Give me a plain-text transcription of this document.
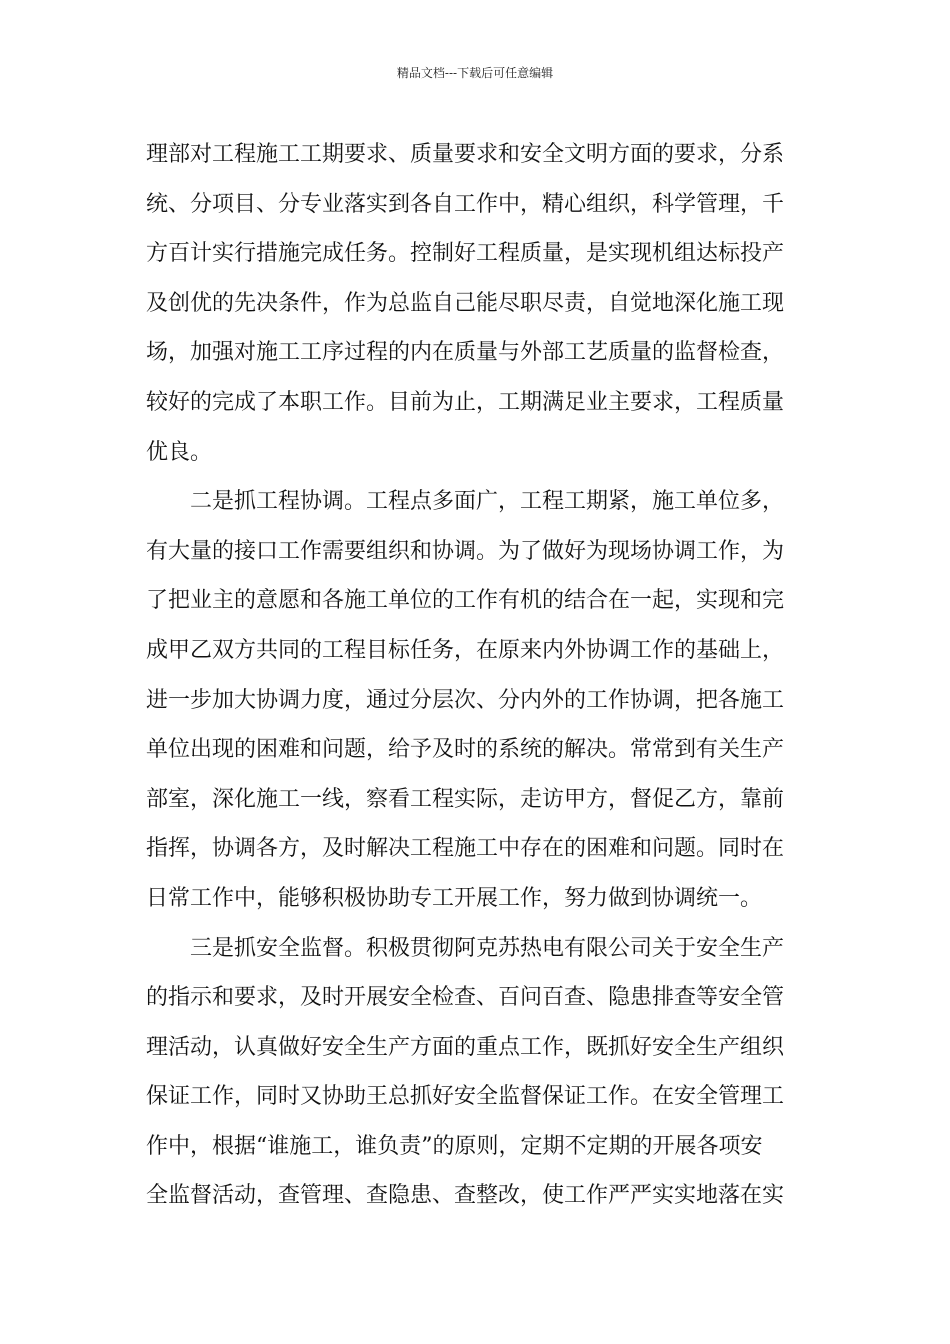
精品文档---下载后可任意编辑
理部对工程施工工期要求、质量要求和安全文明方面的要求，分系
统、分项目、分专业落实到各自工作中，精心组织，科学管理，千
方百计实行措施完成任务。控制好工程质量，是实现机组达标投产
及创优的先决条件，作为总监自己能尽职尽责，自觉地深化施工现
场，加强对施工工序过程的内在质量与外部工艺质量的监督检查，
较好的完成了本职工作。目前为止，工期满足业主要求，工程质量
优良。
二是抓工程协调。工程点多面广，工程工期紧，施工单位多，
有大量的接口工作需要组织和协调。为了做好为现场协调工作，为
了把业主的意愿和各施工单位的工作有机的结合在一起，实现和完
成甲乙双方共同的工程目标任务，在原来内外协调工作的基础上，
进一步加大协调力度，通过分层次、分内外的工作协调，把各施工
单位出现的困难和问题，给予及时的系统的解决。常常到有关生产
部室，深化施工一线，察看工程实际，走访甲方，督促乙方，靠前
指挥，协调各方，及时解决工程施工中存在的困难和问题。同时在
日常工作中，能够积极协助专工开展工作，努力做到协调统一。
三是抓安全监督。积极贯彻阿克苏热电有限公司关于安全生产
的指示和要求，及时开展安全检查、百问百查、隐患排查等安全管
理活动，认真做好安全生产方面的重点工作，既抓好安全生产组织
保证工作，同时又协助王总抓好安全监督保证工作。在安全管理工
作中，根据“谁施工，谁负责”的原则，定期不定期的开展各项安
全监督活动，查管理、查隐患、查整改，使工作严严实实地落在实
